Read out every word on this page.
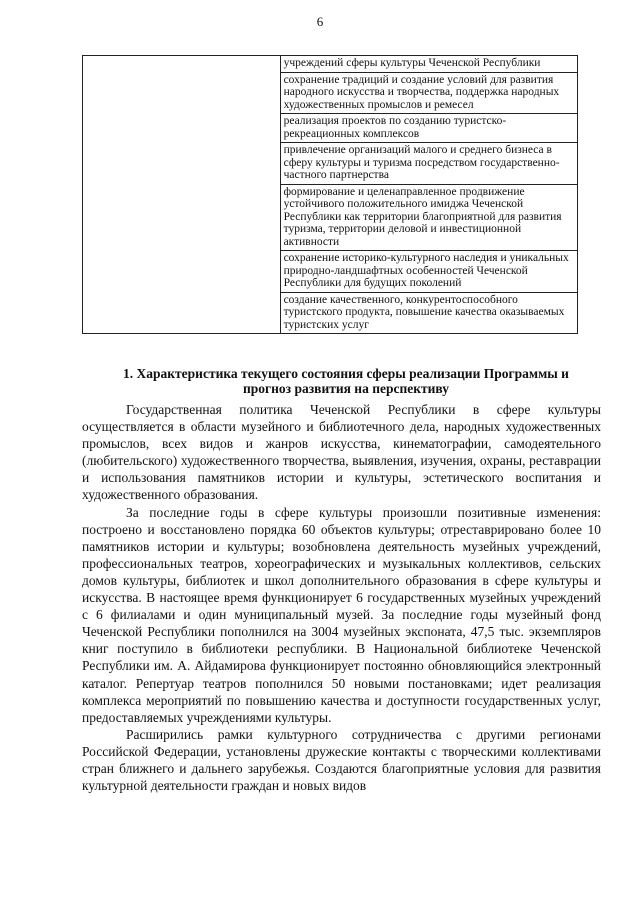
6
	учреждений сферы культуры Чеченской Республики
сохранение традиций и создание условий для развития народного искусства и творчества, поддержка народных художественных промыслов и ремесел
реализация проектов по созданию туристско-рекреационных комплексов
привлечение организаций малого и среднего бизнеса в сферу культуры и туризма посредством государственно-частного партнерства
формирование и целенаправленное продвижение устойчивого положительного имиджа Чеченской Республики как территории благоприятной для развития туризма, территории деловой и инвестиционной активности
сохранение историко-культурного наследия и уникальных природно-ландшафтных особенностей Чеченской Республики для будущих поколений
создание качественного, конкурентоспособного туристского продукта, повышение качества оказываемых туристских услуг
1. Характеристика текущего состояния сферы реализации Программы и прогноз развития на перспективу

Государственная политика Чеченской Республики в сфере культуры осуществляется в области музейного и библиотечного дела, народных художественных промыслов, всех видов и жанров искусства, кинематографии, самодеятельного (любительского) художественного творчества, выявления, изучения, охраны, реставрации и использования памятников истории и культуры, эстетического воспитания и художественного образования.

За последние годы в сфере культуры произошли позитивные изменения: построено и восстановлено порядка 60 объектов культуры; отреставрировано более 10 памятников истории и культуры; возобновлена деятельность музейных учреждений, профессиональных театров, хореографических и музыкальных коллективов, сельских домов культуры, библиотек и школ дополнительного образования в сфере культуры и искусства. В настоящее время функционирует 6 государственных музейных учреждений с 6 филиалами и один муниципальный музей. За последние годы музейный фонд Чеченской Республики пополнился на 3004 музейных экспоната, 47,5 тыс. экземпляров книг поступило в библиотеки республики. В Национальной библиотеке Чеченской Республики им. А. Айдамирова функционирует постоянно обновляющийся электронный каталог. Репертуар театров пополнился 50 новыми постановками; идет реализация комплекса мероприятий по повышению качества и доступности государственных услуг, предоставляемых учреждениями культуры.

Расширились рамки культурного сотрудничества с другими регионами Российской Федерации, установлены дружеские контакты с творческими коллективами стран ближнего и дальнего зарубежья. Создаются благоприятные условия для развития культурной деятельности граждан и новых видов
